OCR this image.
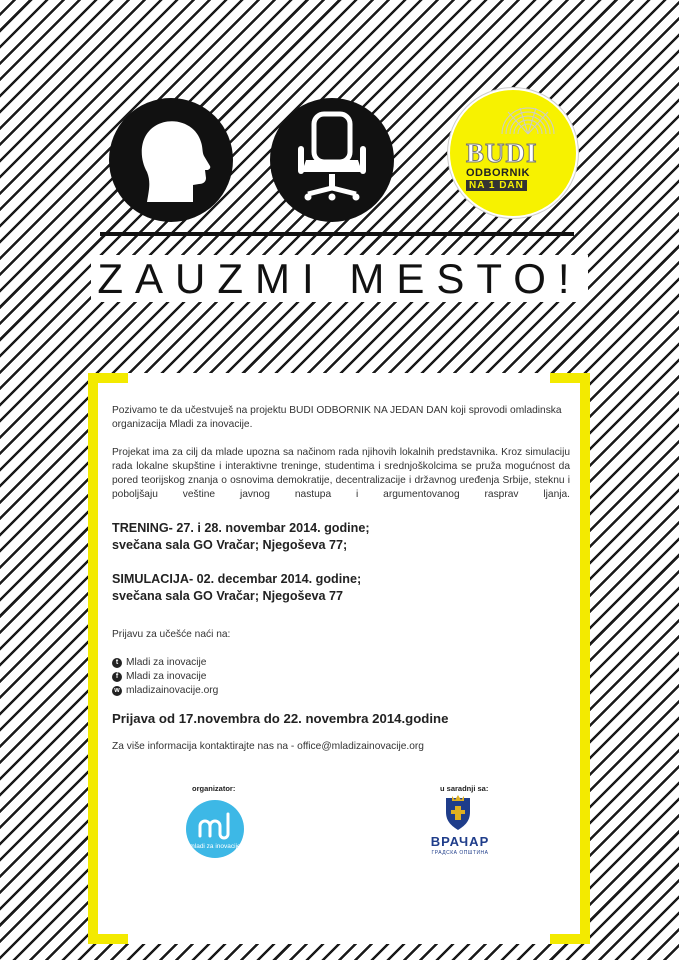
BUDI
ODBORNIK
NA 1 DAN
ZAUZMI MESTO!

Pozivamo te da učestvuješ na projektu BUDI ODBORNIK NA JEDAN DAN koji sprovodi omladinska organizacija Mladi za inovacije.

Projekat ima za cilj da mlade upozna sa načinom rada njihovih lokalnih predstavnika. Kroz simulaciju rada lokalne skupštine i interaktivne treninge, studentima i srednjoškolcima se pruža mogućnost da pored teorijskog znanja o osnovima demokratije, decentralizacije i državnog uređenja Srbije, steknu i poboljšaju veštine javnog nastupa i argumentovanog rasprav ljanja.

TRENING- 27. i 28. novembar 2014. godine;
svečana sala GO Vračar; Njegoševa 77;
SIMULACIJA- 02. decembar 2014. godine;
svečana sala GO Vračar; Njegoševa 77

Prijavu za učešće naći na:

t Mladi za inovacije
f Mladi za inovacije
w mladizainovacije.org

Prijava od 17.novembra do 22. novembra 2014.godine

Za više informacija kontaktirajte nas na - office@mladizainovacije.org

organizator:
mladi za inovacije
u saradnji sa:
ВРАЧАР
ГРАДСКА ОПШТИНА
